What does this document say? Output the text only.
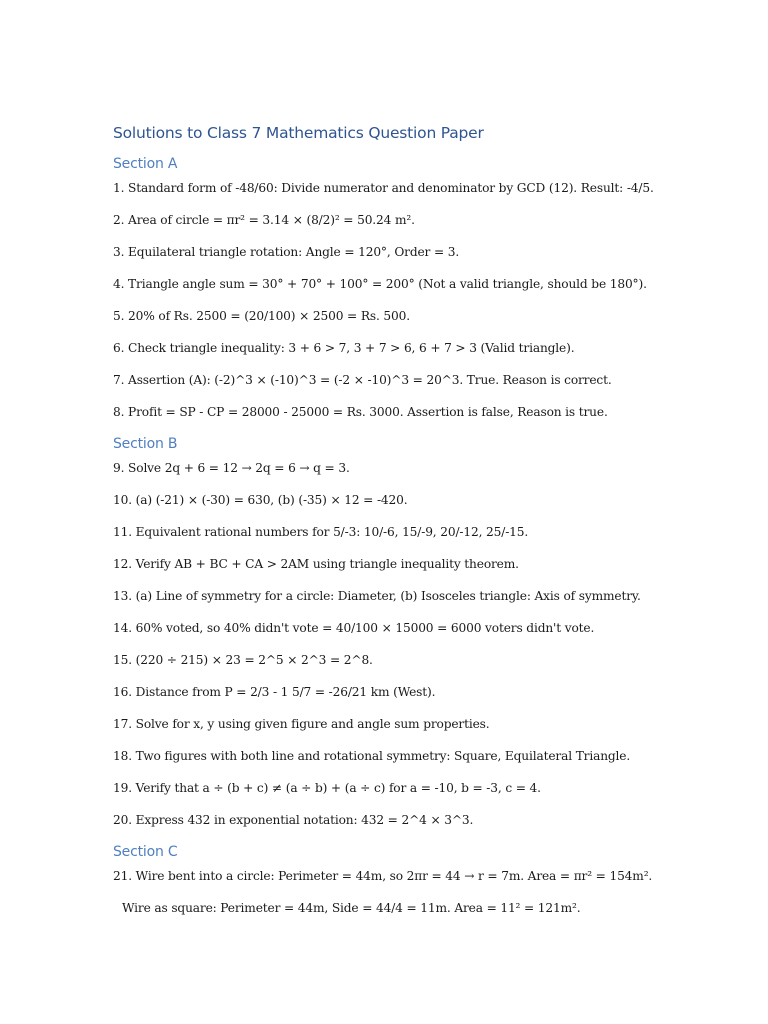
Solutions to Class 7 Mathematics Question Paper
Section A
1. Standard form of -48/60: Divide numerator and denominator by GCD (12). Result: -4/5.
2. Area of circle = πr² = 3.14 × (8/2)² = 50.24 m².
3. Equilateral triangle rotation: Angle = 120°, Order = 3.
4. Triangle angle sum = 30° + 70° + 100° = 200° (Not a valid triangle, should be 180°).
5. 20% of Rs. 2500 = (20/100) × 2500 = Rs. 500.
6. Check triangle inequality: 3 + 6 > 7, 3 + 7 > 6, 6 + 7 > 3 (Valid triangle).
7. Assertion (A): (-2)^3 × (-10)^3 = (-2 × -10)^3 = 20^3. True. Reason is correct.
8. Profit = SP - CP = 28000 - 25000 = Rs. 3000. Assertion is false, Reason is true.
Section B
9. Solve 2q + 6 = 12 → 2q = 6 → q = 3.
10. (a) (-21) × (-30) = 630, (b) (-35) × 12 = -420.
11. Equivalent rational numbers for 5/-3: 10/-6, 15/-9, 20/-12, 25/-15.
12. Verify AB + BC + CA > 2AM using triangle inequality theorem.
13. (a) Line of symmetry for a circle: Diameter, (b) Isosceles triangle: Axis of symmetry.
14. 60% voted, so 40% didn't vote = 40/100 × 15000 = 6000 voters didn't vote.
15. (220 ÷ 215) × 23 = 2^5 × 2^3 = 2^8.
16. Distance from P = 2/3 - 1 5/7 = -26/21 km (West).
17. Solve for x, y using given figure and angle sum properties.
18. Two figures with both line and rotational symmetry: Square, Equilateral Triangle.
19. Verify that a ÷ (b + c) ≠ (a ÷ b) + (a ÷ c) for a = -10, b = -3, c = 4.
20. Express 432 in exponential notation: 432 = 2^4 × 3^3.
Section C
21. Wire bent into a circle: Perimeter = 44m, so 2πr = 44 → r = 7m. Area = πr² = 154m².
Wire as square: Perimeter = 44m, Side = 44/4 = 11m. Area = 11² = 121m².
